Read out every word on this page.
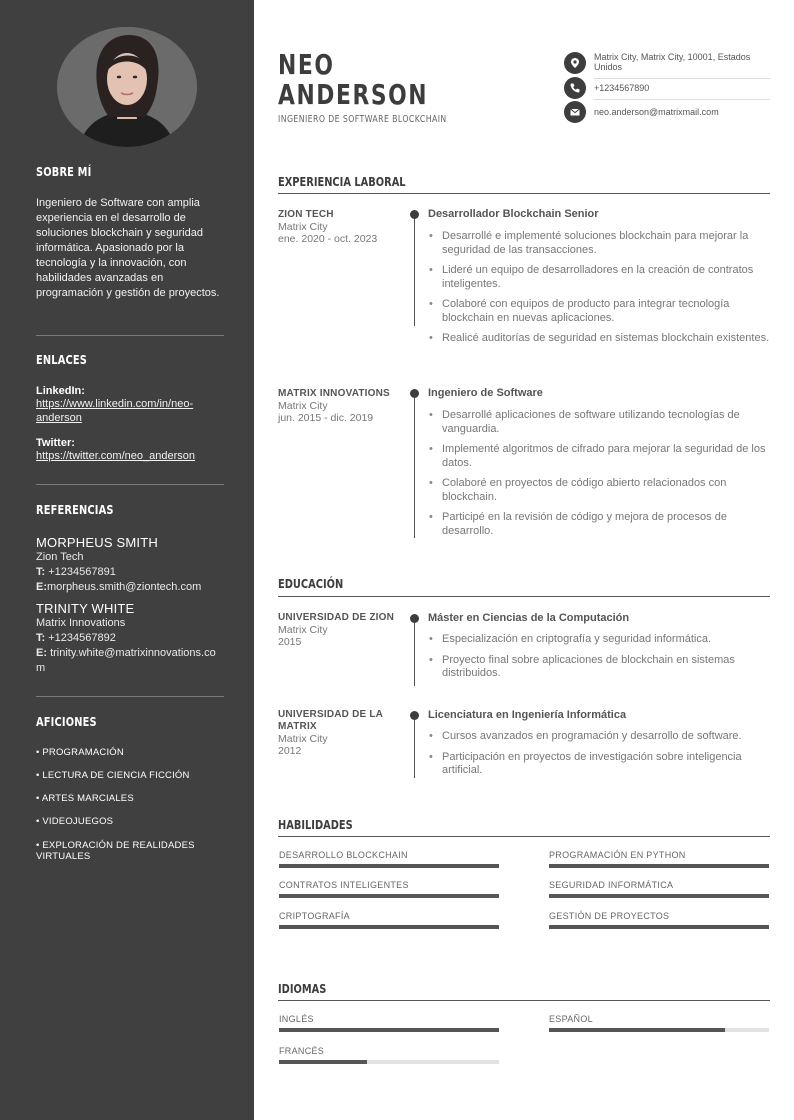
SOBRE MÍ

Ingeniero de Software con amplia experiencia en el desarrollo de soluciones blockchain y seguridad informática. Apasionado por la tecnología y la innovación, con habilidades avanzadas en programación y gestión de proyectos.

ENLACES
LinkedIn:
https://www.linkedin.com/in/neo-anderson
Twitter:
https://twitter.com/neo_anderson
REFERENCIAS
MORPHEUS SMITH
Zion Tech
T: +1234567891
E:morpheus.smith@ziontech.com
TRINITY WHITE
Matrix Innovations
T: +1234567892
E: trinity.white@matrixinnovations.com
AFICIONES
• PROGRAMACIÓN
• LECTURA DE CIENCIA FICCIÓN
• ARTES MARCIALES
• VIDEOJUEGOS
• EXPLORACIÓN DE REALIDADES VIRTUALES
NEO
ANDERSON
INGENIERO DE SOFTWARE BLOCKCHAIN
Matrix City, Matrix City, 10001, Estados Unidos
+1234567890
neo.anderson@matrixmail.com
EXPERIENCIA LABORAL
ZION TECH
Matrix City
ene. 2020 - oct. 2023
Desarrollador Blockchain Senior
• Desarrollé e implementé soluciones blockchain para mejorar la seguridad de las transacciones.
• Lideré un equipo de desarrolladores en la creación de contratos inteligentes.
• Colaboré con equipos de producto para integrar tecnología blockchain en nuevas aplicaciones.
• Realicé auditorías de seguridad en sistemas blockchain existentes.
MATRIX INNOVATIONS
Matrix City
jun. 2015 - dic. 2019
Ingeniero de Software
• Desarrollé aplicaciones de software utilizando tecnologías de vanguardia.
• Implementé algoritmos de cifrado para mejorar la seguridad de los datos.
• Colaboré en proyectos de código abierto relacionados con blockchain.
• Participé en la revisión de código y mejora de procesos de desarrollo.
EDUCACIÓN
UNIVERSIDAD DE ZION
Matrix City
2015
Máster en Ciencias de la Computación
• Especialización en criptografía y seguridad informática.
• Proyecto final sobre aplicaciones de blockchain en sistemas distribuidos.
UNIVERSIDAD DE LA MATRIX
Matrix City
2012
Licenciatura en Ingeniería Informática
• Cursos avanzados en programación y desarrollo de software.
• Participación en proyectos de investigación sobre inteligencia artificial.
HABILIDADES
DESARROLLO BLOCKCHAIN	PROGRAMACIÓN EN PYTHON
CONTRATOS INTELIGENTES	SEGURIDAD INFORMÁTICA
CRIPTOGRAFÍA	GESTIÓN DE PROYECTOS
IDIOMAS
INGLÉS	ESPAÑOL
FRANCÉS
